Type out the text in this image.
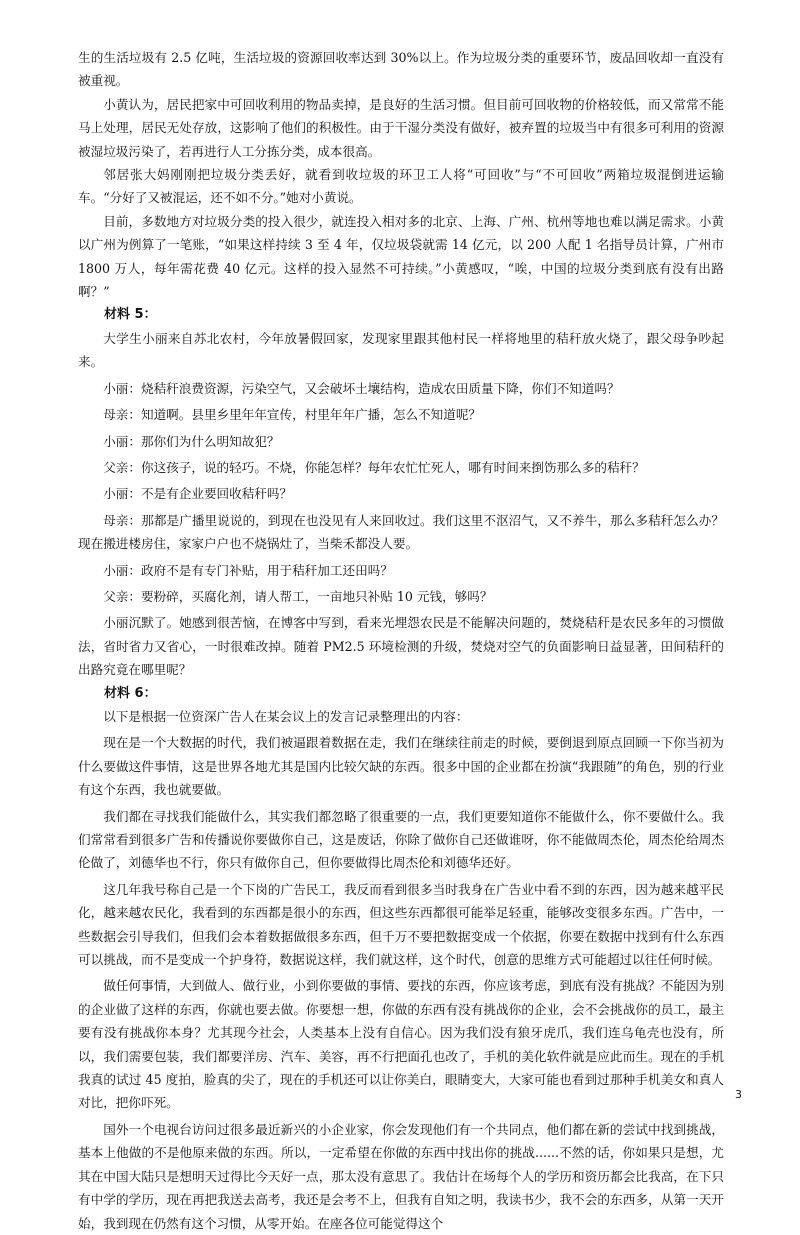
生的生活垃圾有 2.5 亿吨，生活垃圾的资源回收率达到 30%以上。作为垃圾分类的重要环节，废品回收却一直没有被重视。

小黄认为，居民把家中可回收利用的物品卖掉，是良好的生活习惯。但目前可回收物的价格较低，而又常常不能马上处理，居民无处存放，这影响了他们的积极性。由于干湿分类没有做好，被弃置的垃圾当中有很多可利用的资源被湿垃圾污染了，若再进行人工分拣分类，成本很高。

邻居张大妈刚刚把垃圾分类丢好，就看到收垃圾的环卫工人将“可回收”与“不可回收”两箱垃圾混倒进运输车。“分好了又被混运，还不如不分。”她对小黄说。

目前，多数地方对垃圾分类的投入很少，就连投入相对多的北京、上海、广州、杭州等地也难以满足需求。小黄以广州为例算了一笔账，“如果这样持续 3 至 4 年，仅垃圾袋就需 14 亿元，以 200 人配 1 名指导员计算，广州市 1800 万人，每年需花费 40 亿元。这样的投入显然不可持续。”小黄感叹，“唉，中国的垃圾分类到底有没有出路啊？”

材料 5：

大学生小丽来自苏北农村，今年放暑假回家，发现家里跟其他村民一样将地里的秸秆放火烧了，跟父母争吵起来。

小丽：烧秸秆浪费资源，污染空气，又会破坏土壤结构，造成农田质量下降，你们不知道吗？

母亲：知道啊。县里乡里年年宣传，村里年年广播，怎么不知道呢？

小丽：那你们为什么明知故犯？

父亲：你这孩子，说的轻巧。不烧，你能怎样？每年农忙忙死人，哪有时间来捯饬那么多的秸秆？

小丽：不是有企业要回收秸秆吗？

母亲：那都是广播里说说的，到现在也没见有人来回收过。我们这里不沤沼气，又不养牛，那么多秸秆怎么办？现在搬进楼房住，家家户户也不烧锅灶了，当柴禾都没人要。

小丽：政府不是有专门补贴，用于秸秆加工还田吗？

父亲：要粉碎，买腐化剂，请人帮工，一亩地只补贴 10 元钱，够吗？

小丽沉默了。她感到很苦恼，在博客中写到，看来光埋怨农民是不能解决问题的，焚烧秸秆是农民多年的习惯做法，省时省力又省心，一时很难改掉。随着 PM2.5 环境检测的升级，焚烧对空气的负面影响日益显著，田间秸秆的出路究竟在哪里呢？

材料 6：

以下是根据一位资深广告人在某会议上的发言记录整理出的内容：

现在是一个大数据的时代，我们被逼跟着数据在走，我们在继续往前走的时候，要倒退到原点回顾一下你当初为什么要做这件事情，这是世界各地尤其是国内比较欠缺的东西。很多中国的企业都在扮演“我跟随”的角色，别的行业有这个东西，我也就要做。

我们都在寻找我们能做什么，其实我们都忽略了很重要的一点，我们更要知道你不能做什么，你不要做什么。我们常常看到很多广告和传播说你要做你自己，这是废话，你除了做你自己还做谁呀，你不能做周杰伦，周杰伦给周杰伦做了，刘德华也不行，你只有做你自己，但你要做得比周杰伦和刘德华还好。

这几年我号称自己是一个下岗的广告民工，我反而看到很多当时我身在广告业中看不到的东西，因为越来越平民化，越来越农民化，我看到的东西都是很小的东西，但这些东西都很可能举足轻重，能够改变很多东西。广告中，一些数据会引导我们，但我们会本着数据做很多东西，但千万不要把数据变成一个依据，你要在数据中找到有什么东西可以挑战，而不是变成一个护身符，数据说这样，我们就这样，这个时代，创意的思维方式可能超过以往任何时候。

做任何事情，大到做人、做行业，小到你要做的事情、要找的东西，你应该考虑，到底有没有挑战？不能因为别的企业做了这样的东西，你就也要去做。你要想一想，你做的东西有没有挑战你的企业，会不会挑战你的员工，最主要有没有挑战你本身？尤其现今社会，人类基本上没有自信心。因为我们没有狼牙虎爪，我们连乌龟壳也没有，所以，我们需要包装，我们都要洋房、汽车、美容，再不行把面孔也改了，手机的美化软件就是应此而生。现在的手机我真的试过 45 度拍，脸真的尖了，现在的手机还可以让你美白，眼睛变大，大家可能也看到过那种手机美女和真人对比，把你吓死。

国外一个电视台访问过很多最近新兴的小企业家，你会发现他们有一个共同点，他们都在新的尝试中找到挑战，基本上他做的不是他原来做的东西。所以，一定希望在你做的东西中找出你的挑战......不然的话，你如果只是想，尤其在中国大陆只是想明天过得比今天好一点，那太没有意思了。我估计在场每个人的学历和资历都会比我高，在下只有中学的学历，现在再把我送去高考，我还是会考不上，但我有自知之明，我读书少，我不会的东西多，从第一天开始，我到现在仍然有这个习惯，从零开始。在座各位可能觉得这个

3
